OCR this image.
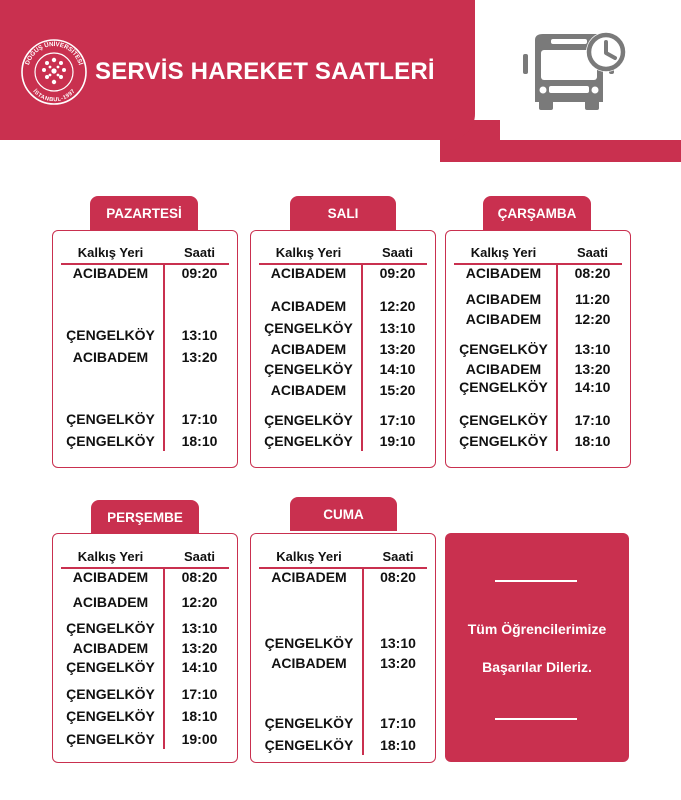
DOĞUŞ ÜNİVERSİTESİ
İSTANBUL-1997
SERVİS HAREKET SAATLERİ
PAZARTESİ
Kalkış Yeri	Saati
ACIBADEM 09:20
ÇENGELKÖY 13:10
ACIBADEM 13:20
ÇENGELKÖY 17:10
ÇENGELKÖY 18:10
SALI
Kalkış Yeri	Saati
ACIBADEM 09:20
ACIBADEM 12:20
ÇENGELKÖY 13:10
ACIBADEM 13:20
ÇENGELKÖY 14:10
ACIBADEM 15:20
ÇENGELKÖY 17:10
ÇENGELKÖY 19:10
ÇARŞAMBA
Kalkış Yeri	Saati
ACIBADEM 08:20
ACIBADEM 11:20
ACIBADEM 12:20
ÇENGELKÖY 13:10
ACIBADEM 13:20
ÇENGELKÖY 14:10
ÇENGELKÖY 17:10
ÇENGELKÖY 18:10
PERŞEMBE
Kalkış Yeri	Saati
ACIBADEM 08:20
ACIBADEM 12:20
ÇENGELKÖY 13:10
ACIBADEM 13:20
ÇENGELKÖY 14:10
ÇENGELKÖY 17:10
ÇENGELKÖY 18:10
ÇENGELKÖY 19:00
CUMA
Kalkış Yeri	Saati
ACIBADEM 08:20
ÇENGELKÖY 13:10
ACIBADEM 13:20
ÇENGELKÖY 17:10
ÇENGELKÖY 18:10
Tüm Öğrencilerimize
Başarılar Dileriz.
